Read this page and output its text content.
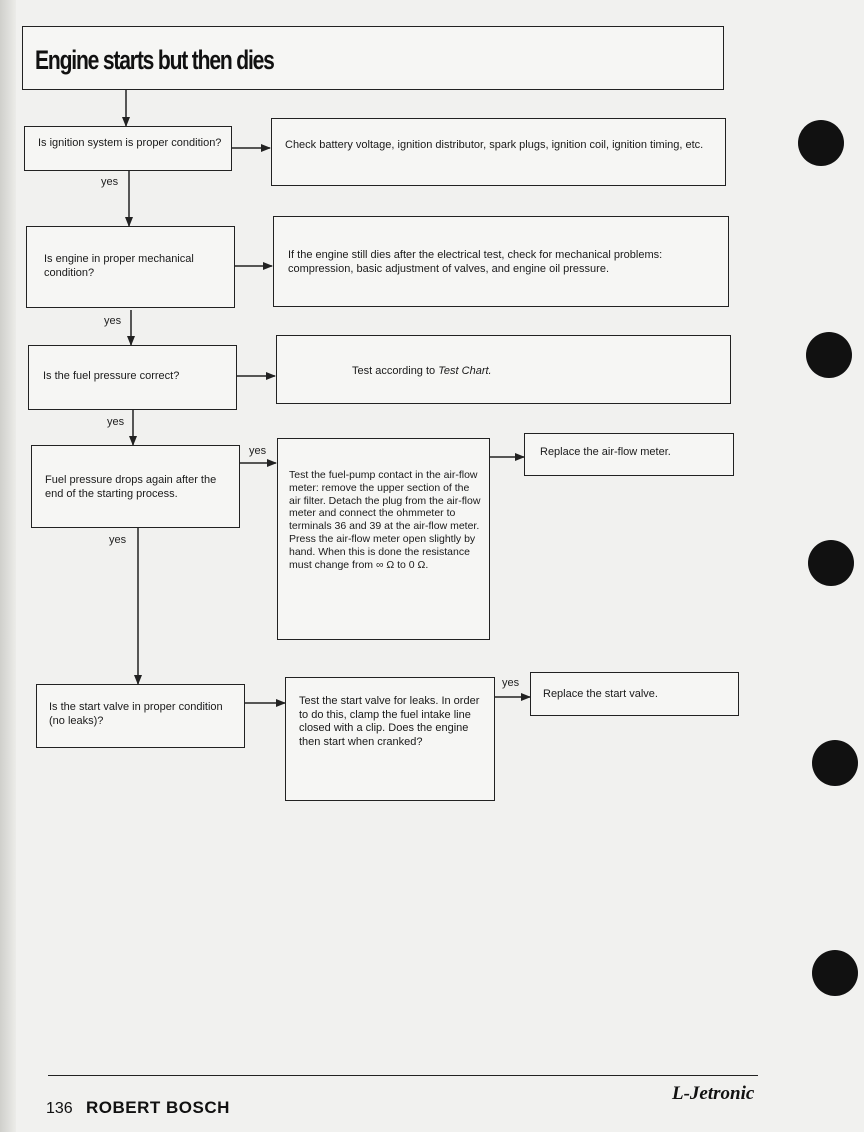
Engine starts but then dies
Is ignition system is proper condition?	Check battery voltage, ignition distributor, spark plugs, ignition coil, ignition timing, etc.
yes
Is engine in proper mechanical condition?
If the engine still dies after the electrical test, check for mechanical problems: compression, basic adjustment of valves, and engine oil pressure.
yes
Is the fuel pressure correct?	Test according to Test Chart.
yes
Fuel pressure drops again after the end of the starting process.
yes
Test the fuel-pump contact in the air-flow meter: remove the upper section of the air filter. Detach the plug from the air-flow meter and connect the ohmmeter to terminals 36 and 39 at the air-flow meter. Press the air-flow meter open slightly by hand. When this is done the resistance must change from ∞ Ω to 0 Ω.
Replace the air-flow meter.
yes
Is the start valve in proper condition (no leaks)?
Test the start valve for leaks. In order to do this, clamp the fuel intake line closed with a clip. Does the engine then start when cranked?
yes
Replace the start valve.
136 ROBERT BOSCH
L-Jetronic
